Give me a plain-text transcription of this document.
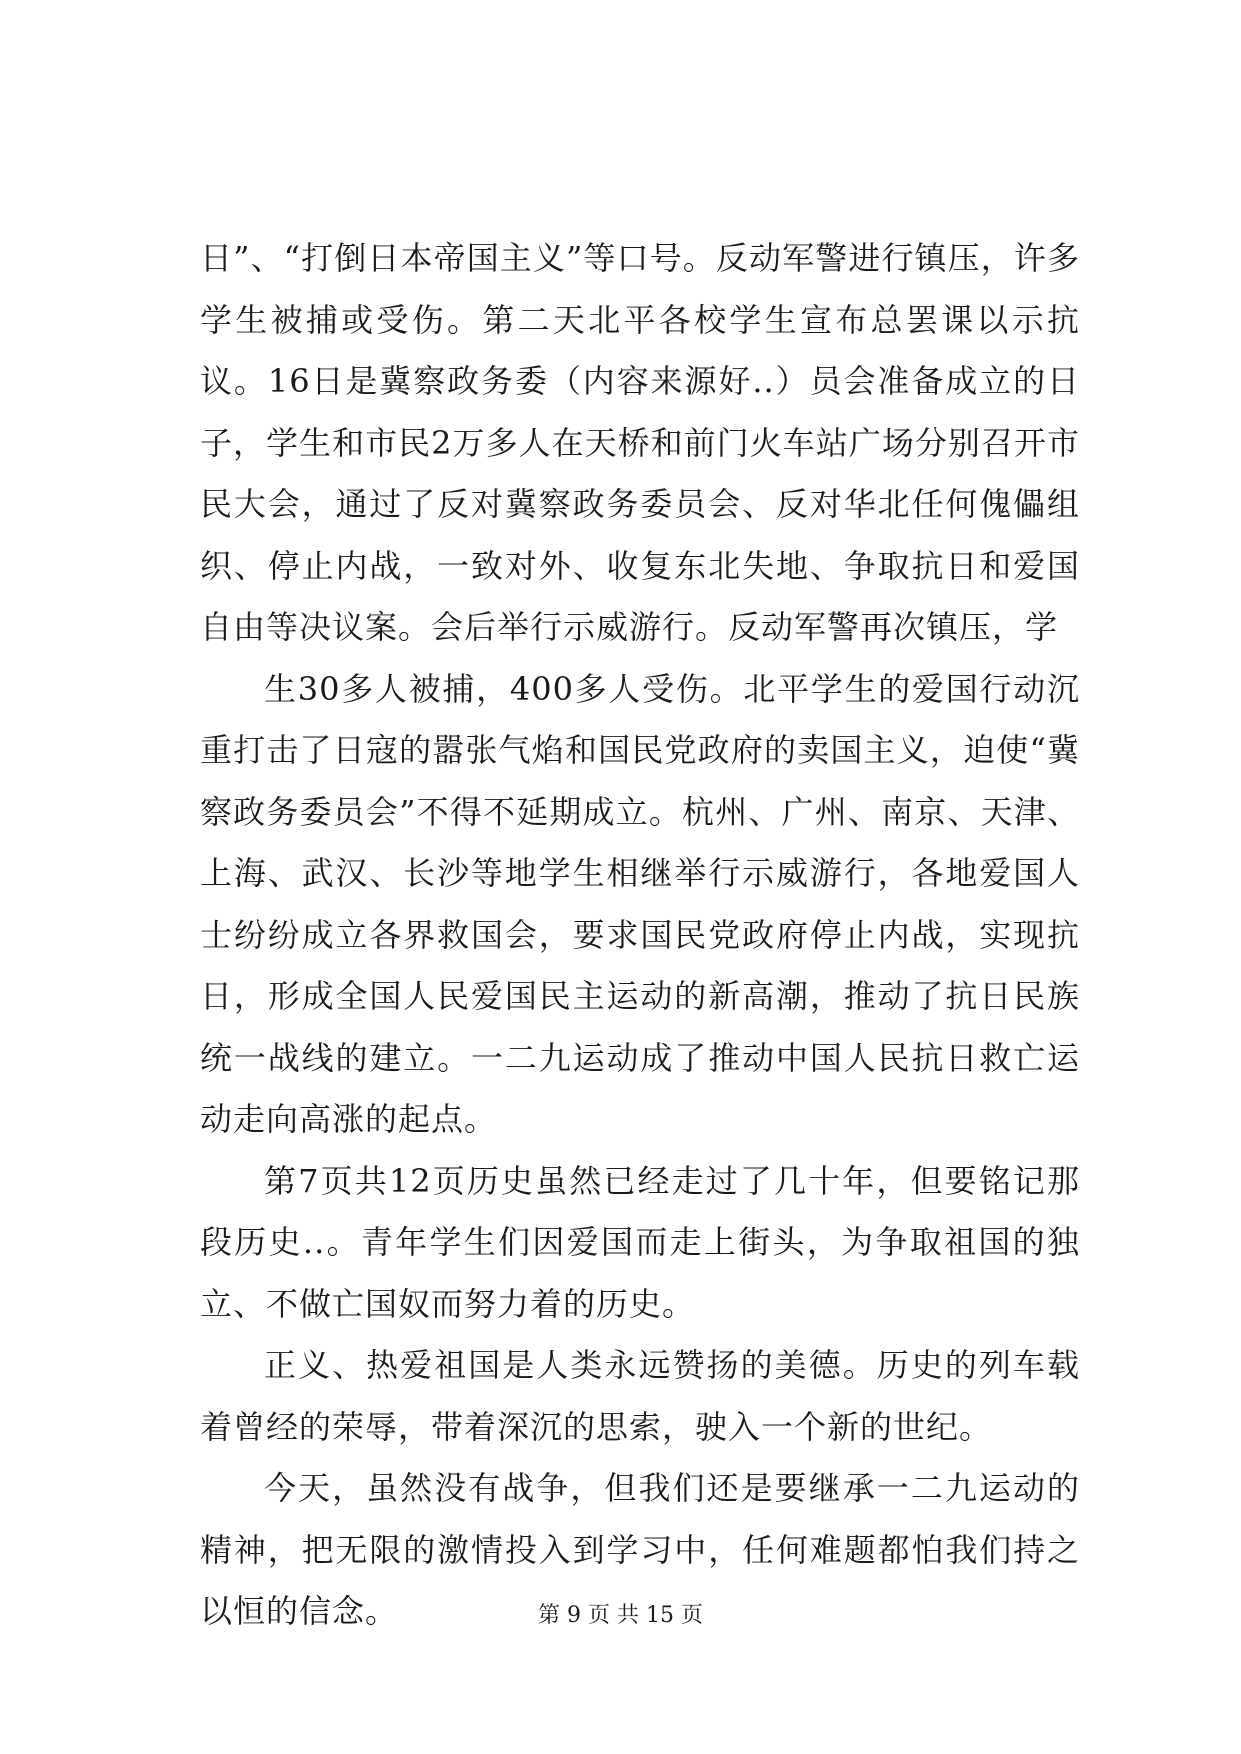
日”、“打倒日本帝国主义”等口号。反动军警进行镇压，许多学生被捕或受伤。第二天北平各校学生宣布总罢课以示抗议。16日是冀察政务委（内容来源好..）员会准备成立的日子，学生和市民2万多人在天桥和前门火车站广场分别召开市民大会，通过了反对冀察政务委员会、反对华北任何傀儡组织、停止内战，一致对外、收复东北失地、争取抗日和爱国自由等决议案。会后举行示威游行。反动军警再次镇压，学

生30多人被捕，400多人受伤。北平学生的爱国行动沉重打击了日寇的嚣张气焰和国民党政府的卖国主义，迫使“冀察政务委员会”不得不延期成立。杭州、广州、南京、天津、上海、武汉、长沙等地学生相继举行示威游行，各地爱国人士纷纷成立各界救国会，要求国民党政府停止内战，实现抗日，形成全国人民爱国民主运动的新高潮，推动了抗日民族统一战线的建立。一二九运动成了推动中国人民抗日救亡运动走向高涨的起点。

第7页共12页历史虽然已经走过了几十年，但要铭记那段历史..。青年学生们因爱国而走上街头，为争取祖国的独立、不做亡国奴而努力着的历史。

正义、热爱祖国是人类永远赞扬的美德。历史的列车载着曾经的荣辱，带着深沉的思索，驶入一个新的世纪。

今天，虽然没有战争，但我们还是要继承一二九运动的精神，把无限的激情投入到学习中，任何难题都怕我们持之以恒的信念。	第 9 页 共 15 页
